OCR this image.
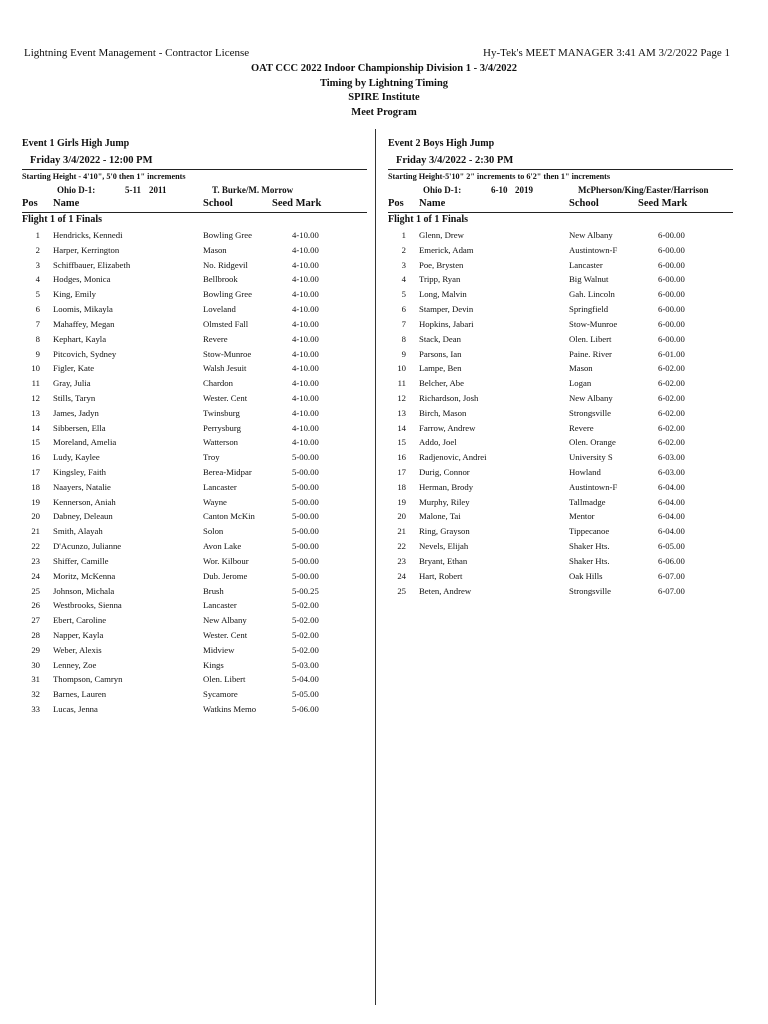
Lightning Event Management - Contractor License	Hy-Tek's MEET MANAGER 3:41 AM 3/2/2022 Page 1
OAT CCC 2022 Indoor Championship Division 1 - 3/4/2022
Timing by Lightning Timing
SPIRE Institute
Meet Program
Event 1 Girls High Jump
Friday 3/4/2022 - 12:00 PM
Starting Height - 4'10", 5'0 then 1" increments
Ohio D-1:	5-11 2011	T. Burke/M. Morrow
Pos Name	School	Seed Mark
Flight 1 of 1 Finals
1 Hendricks, Kennedi	Bowling Gree	4-10.00
2 Harper, Kerrington	Mason	4-10.00
3 Schiffbauer, Elizabeth	No. Ridgevil	4-10.00
4 Hodges, Monica	Bellbrook	4-10.00
5 King, Emily	Bowling Gree	4-10.00
6 Loomis, Mikayla	Loveland	4-10.00
7 Mahaffey, Megan	Olmsted Fall	4-10.00
8 Kephart, Kayla	Revere	4-10.00
9 Pitcovich, Sydney	Stow-Munroe	4-10.00
10 Figler, Kate	Walsh Jesuit	4-10.00
11 Gray, Julia	Chardon	4-10.00
12 Stills, Taryn	Wester. Cent	4-10.00
13 James, Jadyn	Twinsburg	4-10.00
14 Sibbersen, Ella	Perrysburg	4-10.00
15 Moreland, Amelia	Watterson	4-10.00
16 Ludy, Kaylee	Troy	5-00.00
17 Kingsley, Faith	Berea-Midpar	5-00.00
18 Naayers, Natalie	Lancaster	5-00.00
19 Kennerson, Aniah	Wayne	5-00.00
20 Dabney, Deleaun	Canton McKin	5-00.00
21 Smith, Alayah	Solon	5-00.00
22 D'Acunzo, Julianne	Avon Lake	5-00.00
23 Shiffer, Camille	Wor. Kilbour	5-00.00
24 Moritz, McKenna	Dub. Jerome	5-00.00
25 Johnson, Michala	Brush	5-00.25
26 Westbrooks, Sienna	Lancaster	5-02.00
27 Ebert, Caroline	New Albany	5-02.00
28 Napper, Kayla	Wester. Cent	5-02.00
29 Weber, Alexis	Midview	5-02.00
30 Lenney, Zoe	Kings	5-03.00
31 Thompson, Camryn	Olen. Libert	5-04.00
32 Barnes, Lauren	Sycamore	5-05.00
33 Lucas, Jenna	Watkins Memo	5-06.00
Event 2 Boys High Jump
Friday 3/4/2022 - 2:30 PM
Starting Height-5'10" 2" increments to 6'2" then 1" increments
Ohio D-1:	6-10 2019	McPherson/King/Easter/Harrison
Pos Name	School	Seed Mark
Flight 1 of 1 Finals
1 Glenn, Drew	New Albany	6-00.00
2 Emerick, Adam	Austintown-F	6-00.00
3 Poe, Brysten	Lancaster	6-00.00
4 Tripp, Ryan	Big Walnut	6-00.00
5 Long, Malvin	Gah. Lincoln	6-00.00
6 Stamper, Devin	Springfield	6-00.00
7 Hopkins, Jabari	Stow-Munroe	6-00.00
8 Stack, Dean	Olen. Libert	6-00.00
9 Parsons, Ian	Paine. River	6-01.00
10 Lampe, Ben	Mason	6-02.00
11 Belcher, Abe	Logan	6-02.00
12 Richardson, Josh	New Albany	6-02.00
13 Birch, Mason	Strongsville	6-02.00
14 Farrow, Andrew	Revere	6-02.00
15 Addo, Joel	Olen. Orange	6-02.00
16 Radjenovic, Andrei	University S	6-03.00
17 Durig, Connor	Howland	6-03.00
18 Herman, Brody	Austintown-F	6-04.00
19 Murphy, Riley	Tallmadge	6-04.00
20 Malone, Tai	Mentor	6-04.00
21 Ring, Grayson	Tippecanoe	6-04.00
22 Nevels, Elijah	Shaker Hts.	6-05.00
23 Bryant, Ethan	Shaker Hts.	6-06.00
24 Hart, Robert	Oak Hills	6-07.00
25 Beten, Andrew	Strongsville	6-07.00
